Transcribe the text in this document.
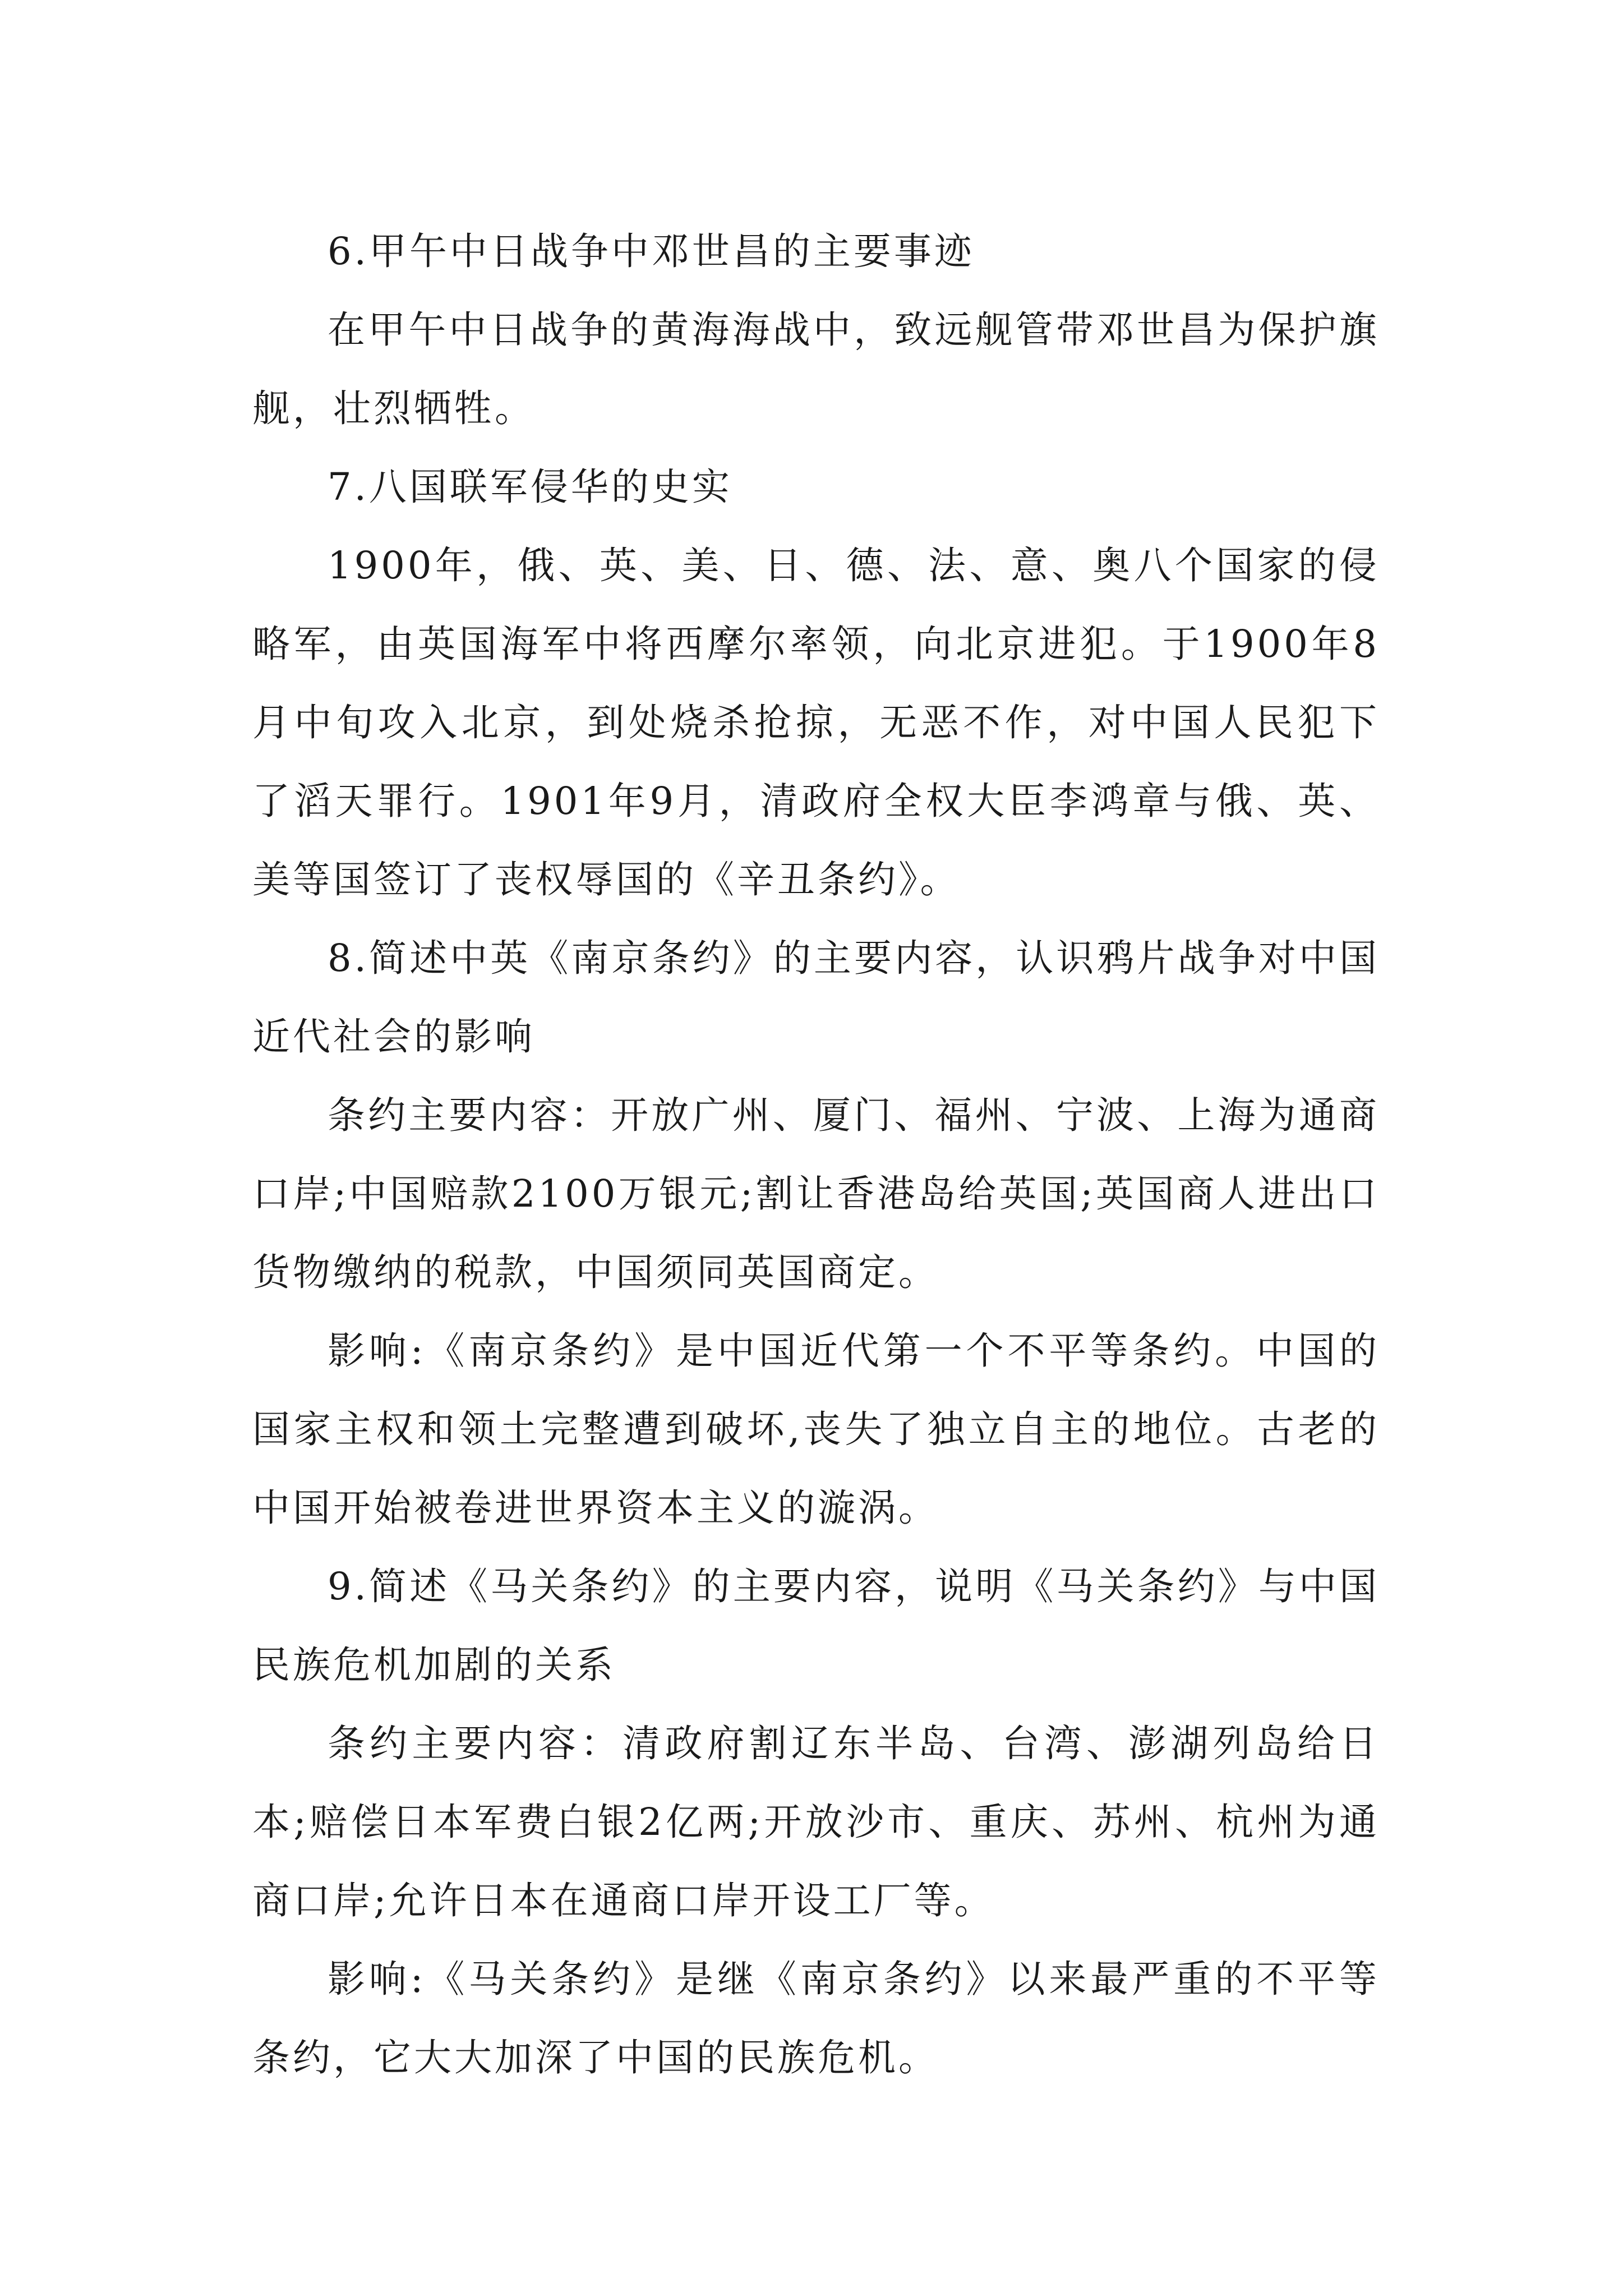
6.甲午中日战争中邓世昌的主要事迹

在甲午中日战争的黄海海战中，致远舰管带邓世昌为保护旗舰，壮烈牺牲。

7.八国联军侵华的史实

1900年，俄、英、美、日、德、法、意、奥八个国家的侵略军，由英国海军中将西摩尔率领，向北京进犯。于1900年8月中旬攻入北京，到处烧杀抢掠，无恶不作，对中国人民犯下了滔天罪行。1901年9月，清政府全权大臣李鸿章与俄、英、美等国签订了丧权辱国的《辛丑条约》。

8.简述中英《南京条约》的主要内容，认识鸦片战争对中国近代社会的影响

条约主要内容：开放广州、厦门、福州、宁波、上海为通商口岸;中国赔款2100万银元;割让香港岛给英国;英国商人进出口货物缴纳的税款，中国须同英国商定。

影响:《南京条约》是中国近代第一个不平等条约。中国的国家主权和领土完整遭到破坏,丧失了独立自主的地位。古老的中国开始被卷进世界资本主义的漩涡。

9.简述《马关条约》的主要内容，说明《马关条约》与中国民族危机加剧的关系

条约主要内容：清政府割辽东半岛、台湾、澎湖列岛给日本;赔偿日本军费白银2亿两;开放沙市、重庆、苏州、杭州为通商口岸;允许日本在通商口岸开设工厂等。

影响:《马关条约》是继《南京条约》以来最严重的不平等条约，它大大加深了中国的民族危机。
